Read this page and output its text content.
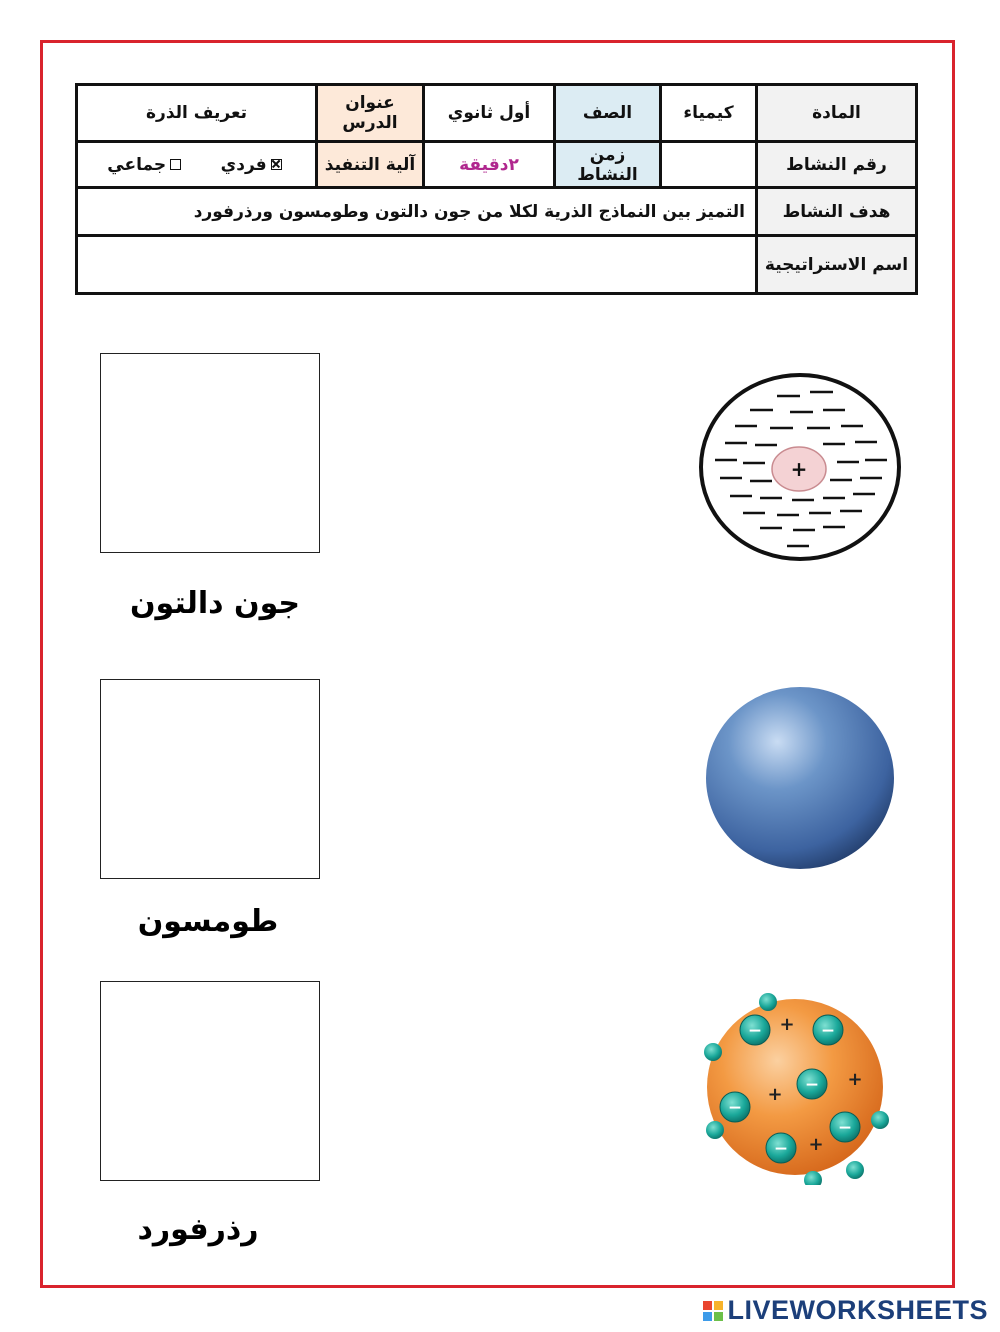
المادة	كيمياء	الصف	أول ثانوي	عنوان الدرس	تعريف الذرة
رقم النشاط		زمن النشاط	٢دقيقة	آلية التنفيذ	فردي      جماعي
هدف النشاط	التميز بين النماذج الذرية لكلا من جون دالتون وطومسون ورذرفورد				
اسم الاستراتيجية					
جون دالتون
طومسون
رذرفورد
+
−	−
−
−
−
−
+
+
+
+
LIVEWORKSHEETS
